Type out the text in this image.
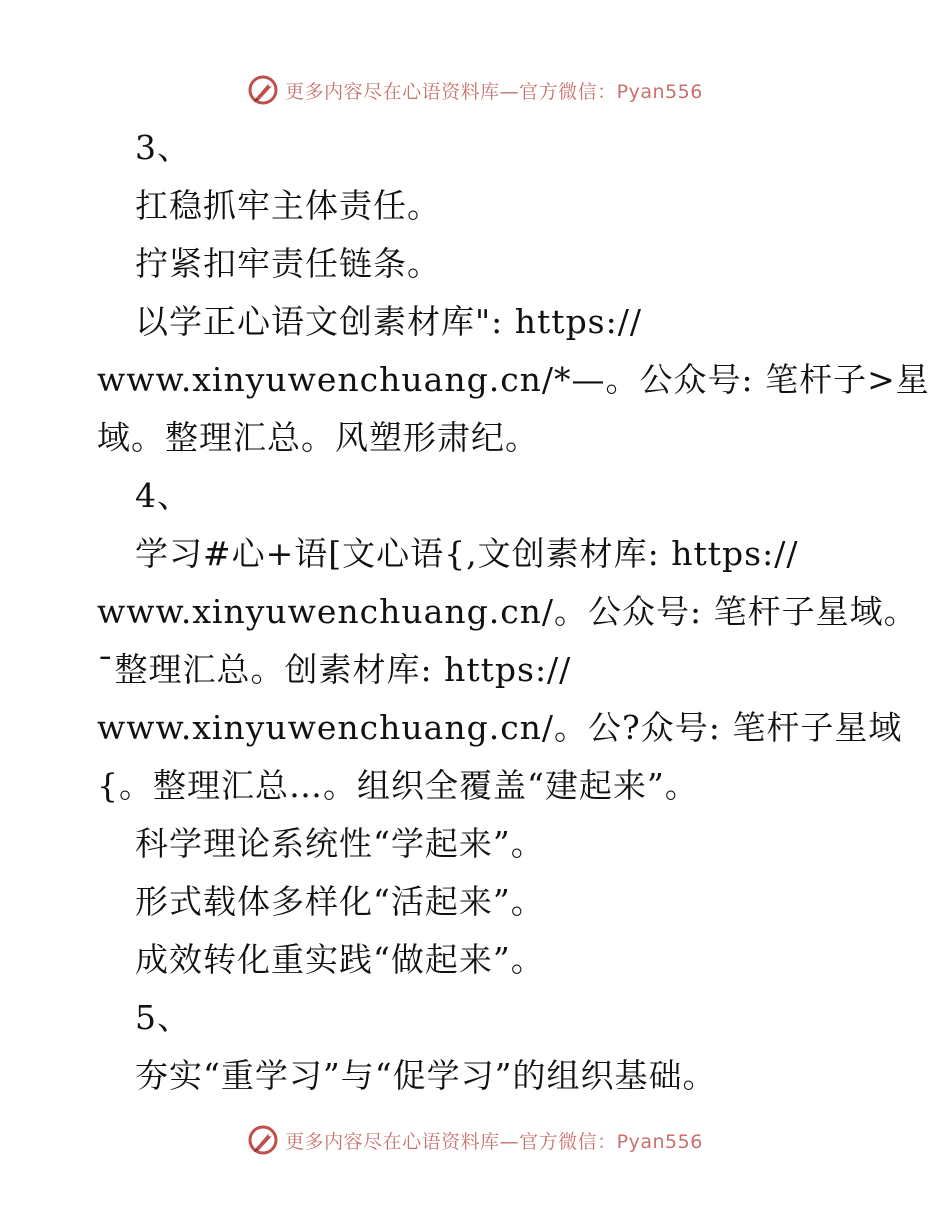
更多内容尽在心语资料库—官方微信：Pyan556
3、
扛稳抓牢主体责任。
拧紧扣牢责任链条。
以学正心语文创素材库": https://
www.xinyuwenchuang.cn/*—。公众号: 笔杆子>星
域。整理汇总。风塑形肃纪。
4、
学习#心+语[文心语{,文创素材库: https://
www.xinyuwenchuang.cn/。公众号: 笔杆子星域。
¯整理汇总。创素材库: https://
www.xinyuwenchuang.cn/。公?众号: 笔杆子星域
{。整理汇总…。组织全覆盖“建起来”。
科学理论系统性“学起来”。
形式载体多样化“活起来”。
成效转化重实践“做起来”。
5、
夯实“重学习”与“促学习”的组织基础。
更多内容尽在心语资料库—官方微信：Pyan556
